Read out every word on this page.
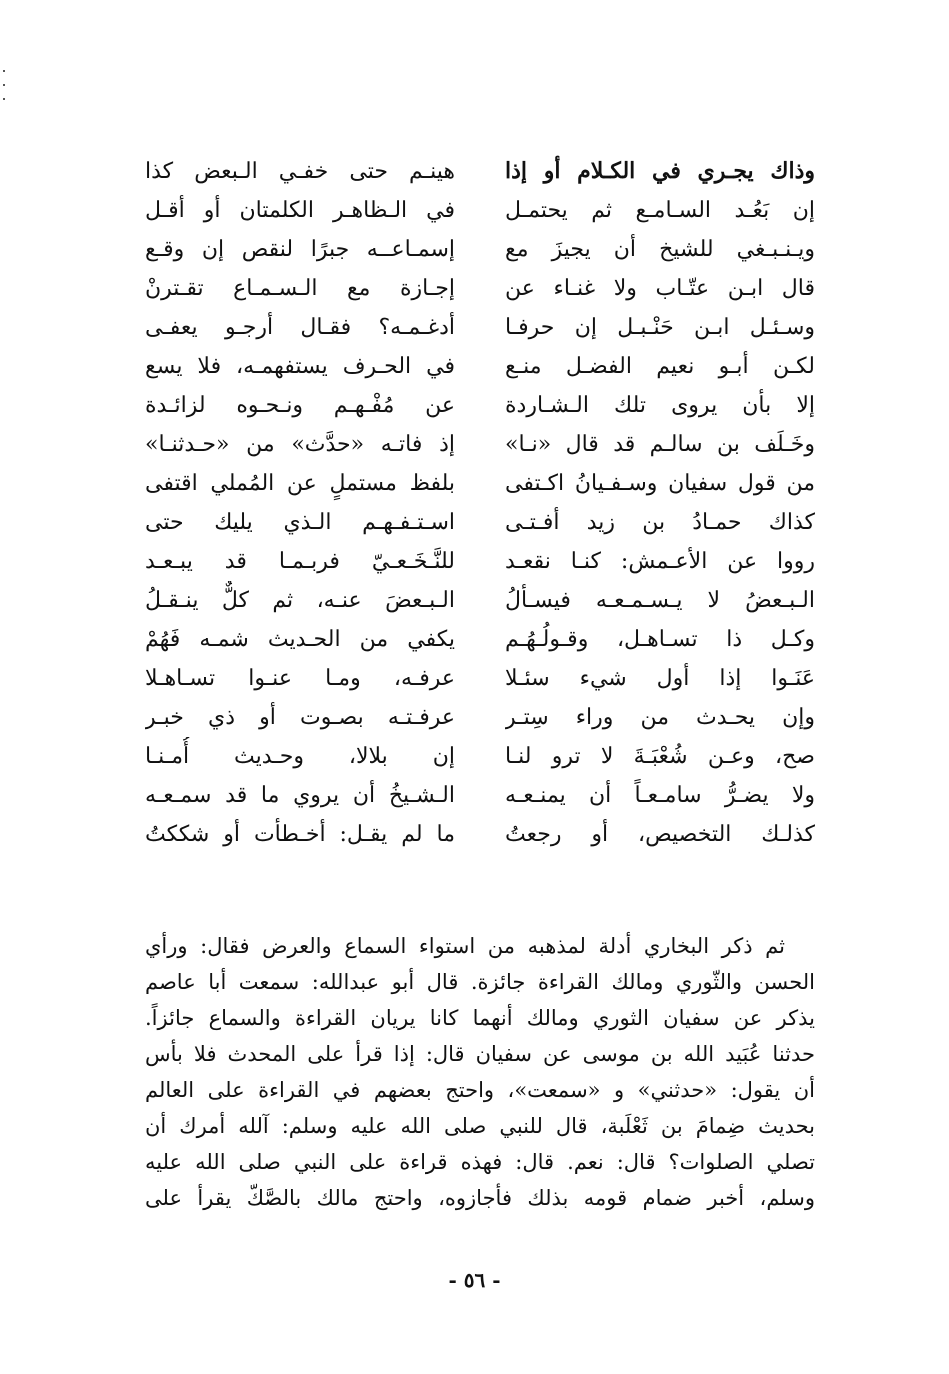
وذاك يجـري في الكـلام أو إذا
هينـم حتى خفـي الـبعض كذا
إن بَعُـد السـامـع ثم يحتمـل
في الـظاهـر الكلمتان أو أقـل
ويـنـبـغي للشيخ أن يجيزَ مع
إسمـاعــه جبرًا لنقص إن وقـع
قال ابـن عتّـاب ولا غنـاء عن
إجـازة مع الـسـمـاع تقـترنْ
وسـئـل ابـن حَنْـبـل إن حرفـا
أدغـمـه؟ فقـال أرجـو يعفـى
لكـن أبـو نعيم الفضـل منـع
في الحـرف يستفهمـه، فلا يسع
إلا بأن يروى تلك الـشـاردة
عن مُفْـهـم ونـحـوه لزائـدة
وخَـلَف بن سالـم قد قال «نـا»
إذ فاتـه «حدَّث» من «حـدثنـا»
من قول سفيان وسـفـيانُ اكـتفى
بلفظ مستملٍ عن المُملي اقتفى
كذاك حمـادُ بن زيد أفـتـى
اسـتـفـهـم الـذي يليك حتى
رووا عن الأعـمش: كنـا نقعـد
للنَّـخَـعـيّ فربـمـا قد يبـعـد
الـبـعضُ لا يـسـمـعـه فيسـألُ
الـبـعضَ عنـه، ثم كلٌّ ينـقـلُ
وكـل ذا تسـاهـل، وقـولُـهُـم
يكفي من الحـديث شمـه فَهُمْ
عَنَـوا إذا أول شيء سئـلا
عرفـه، ومـا عنـوا تسـاهـلا
وإن يحـدث من وراء سِتـر
عرفـتـه بصـوت أو ذي خبـر
صح، وعـن شُعْبَـةَ لا ترو لنـا
إن بلالا، وحـديث أُمـنـا
ولا يضـرُّ سامـعـاً أن يمنـعـه
الـشـيخُ أن يروي ما قد سمـعـه
كذلـك التخصيص، أو رجعتُ
ما لم يقـل: أخـطأت أو شككتُ
ثم ذكر البخاري أدلة لمذهبه من استواء السماع والعرض فقال: ورأي
الحسن والثّوري ومالك القراءة جائزة. قال أبو عبدالله: سمعت أبا عاصم
يذكر عن سفيان الثوري ومالك أنهما كانا يريان القراءة والسماع جائزاً.
حدثنا عُبَيد الله بن موسى عن سفيان قال: إذا قرأ على المحدث فلا بأس
أن يقول: «حدثني» و «سمعت»، واحتج بعضهم في القراءة على العالم
بحديث ضِمامَ بن ثَعْلَبة، قال للنبي صلى الله عليه وسلم: آلله أمرك أن
تصلي الصلوات؟ قال: نعم. قال: فهذه قراءة على النبي صلى الله عليه
وسلم، أخبر ضمام قومه بذلك فأجازوه، واحتج مالك بالصَّكّ يقرأ على
- ٥٦ -
